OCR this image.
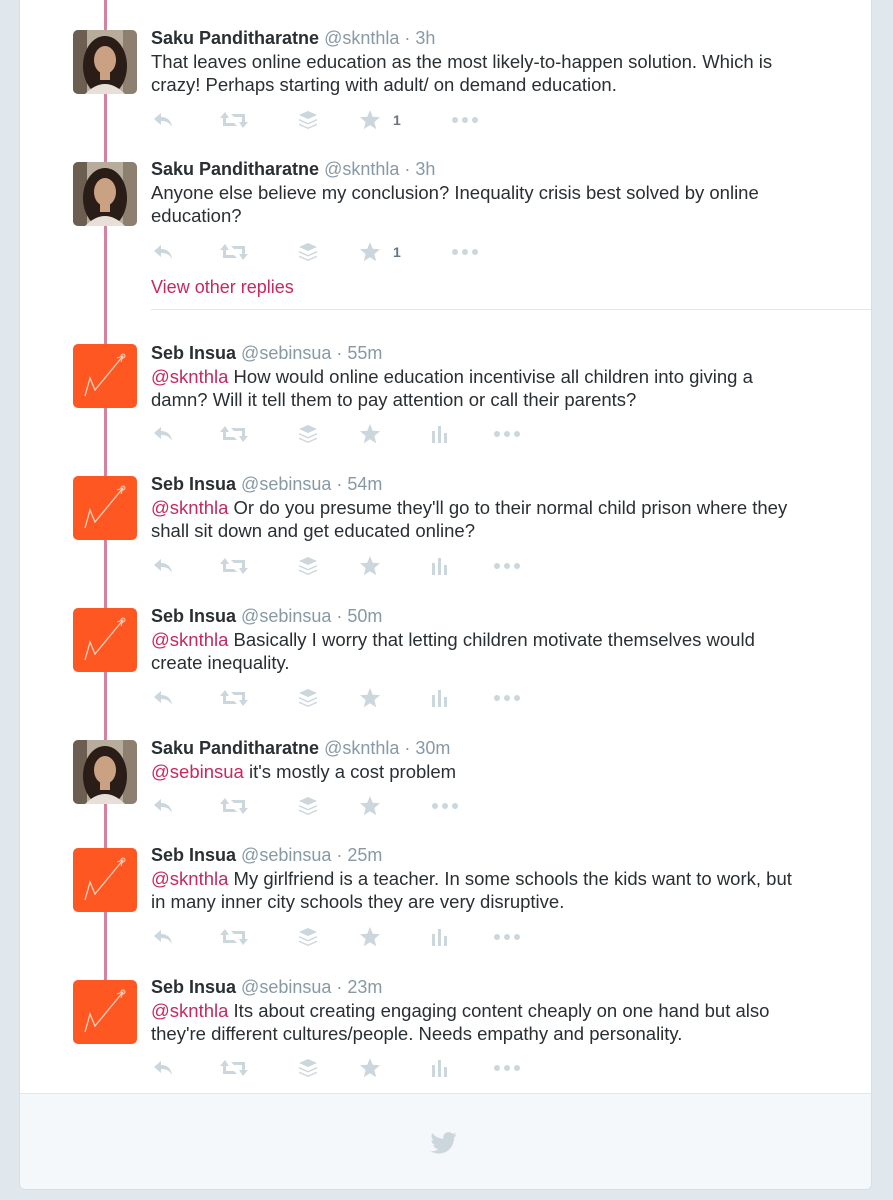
Saku Panditharatne @sknthla · 3h
That leaves online education as the most likely-to-happen solution. Which is crazy! Perhaps starting with adult/ on demand education.
1
Saku Panditharatne @sknthla · 3h
Anyone else believe my conclusion? Inequality crisis best solved by online education?
1
View other replies
Seb Insua @sebinsua · 55m
@sknthla How would online education incentivise all children into giving a damn? Will it tell them to pay attention or call their parents?
Seb Insua @sebinsua · 54m
@sknthla Or do you presume they'll go to their normal child prison where they shall sit down and get educated online?
Seb Insua @sebinsua · 50m
@sknthla Basically I worry that letting children motivate themselves would create inequality.
Saku Panditharatne @sknthla · 30m
@sebinsua it's mostly a cost problem
Seb Insua @sebinsua · 25m
@sknthla My girlfriend is a teacher. In some schools the kids want to work, but in many inner city schools they are very disruptive.
Seb Insua @sebinsua · 23m
@sknthla Its about creating engaging content cheaply on one hand but also they're different cultures/people. Needs empathy and personality.
